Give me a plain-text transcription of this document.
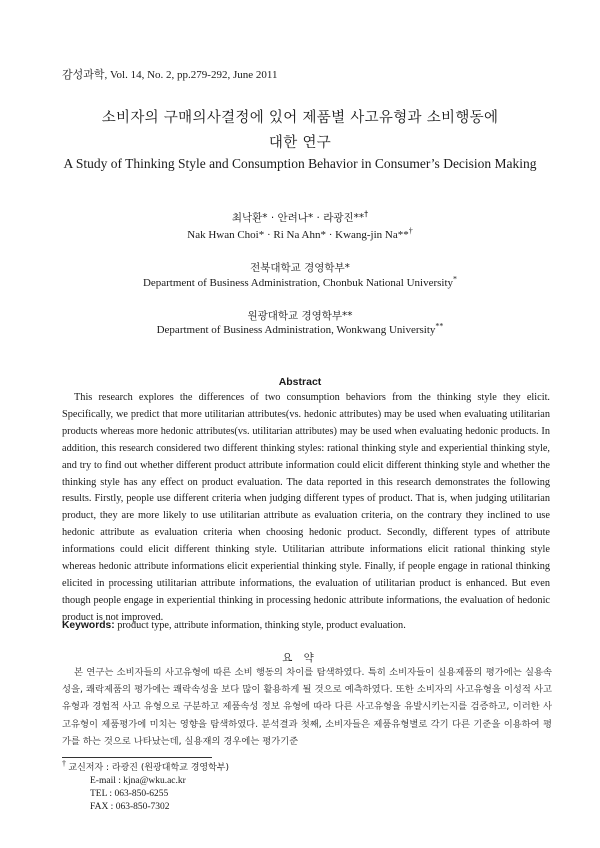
감성과학, Vol. 14, No. 2, pp.279-292, June 2011
소비자의 구매의사결정에 있어 제품별 사고유형과 소비행동에
대한 연구
A Study of Thinking Style and Consumption Behavior in Consumer’s Decision Making
최낙환* · 안려나* · 라광진**†
Nak Hwan Choi* · Ri Na Ahn* · Kwang-jin Na**†
전북대학교 경영학부*
Department of Business Administration, Chonbuk National University*
원광대학교 경영학부**
Department of Business Administration, Wonkwang University**
Abstract

This research explores the differences of two consumption behaviors from the thinking style they elicit. Specifically, we predict that more utilitarian attributes(vs. hedonic attributes) may be used when evaluating utilitarian products whereas more hedonic attributes(vs. utilitarian attributes) may be used when evaluating hedonic products. In addition, this research considered two different thinking styles: rational thinking style and experiential thinking style, and try to find out whether different product attribute information could elicit different thinking style and whether the thinking style has any effect on product evaluation. The data reported in this research demonstrates the following results. Firstly, people use different criteria when judging different types of product. That is, when judging utilitarian product, they are more likely to use utilitarian attribute as evaluation criteria, on the contrary they inclined to use hedonic attribute as evaluation criteria when choosing hedonic product. Secondly, different types of attribute informations could elicit different thinking style. Utilitarian attribute informations elicit rational thinking style whereas hedonic attribute informations elicit experiential thinking style. Finally, if people engage in rational thinking elicited in processing utilitarian attribute informations, the evaluation of utilitarian product is enhanced. But even though people engage in experiential thinking in processing hedonic attribute informations, the evaluation of hedonic product is not improved.

Keywords: product type, attribute information, thinking style, product evaluation.
요 약

본 연구는 소비자들의 사고유형에 따른 소비 행동의 차이를 탐색하였다. 특히 소비자들이 실용제품의 평가에는 실용속성을, 쾌락제품의 평가에는 쾌락속성을 보다 많이 활용하게 될 것으로 예측하였다. 또한 소비자의 사고유형을 이성적 사고유형과 경험적 사고 유형으로 구분하고 제품속성 정보 유형에 따라 다른 사고유형을 유발시키는지를 검증하고, 이러한 사고유형이 제품평가에 미치는 영향을 탐색하였다. 분석결과 첫째, 소비자들은 제품유형별로 각기 다른 기준을 이용하여 평가를 하는 것으로 나타났는데, 실용재의 경우에는 평가기준

† 교신저자 : 라광진 (원광대학교 경영학부)
E-mail : kjna@wku.ac.kr
TEL : 063-850-6255
FAX : 063-850-7302
